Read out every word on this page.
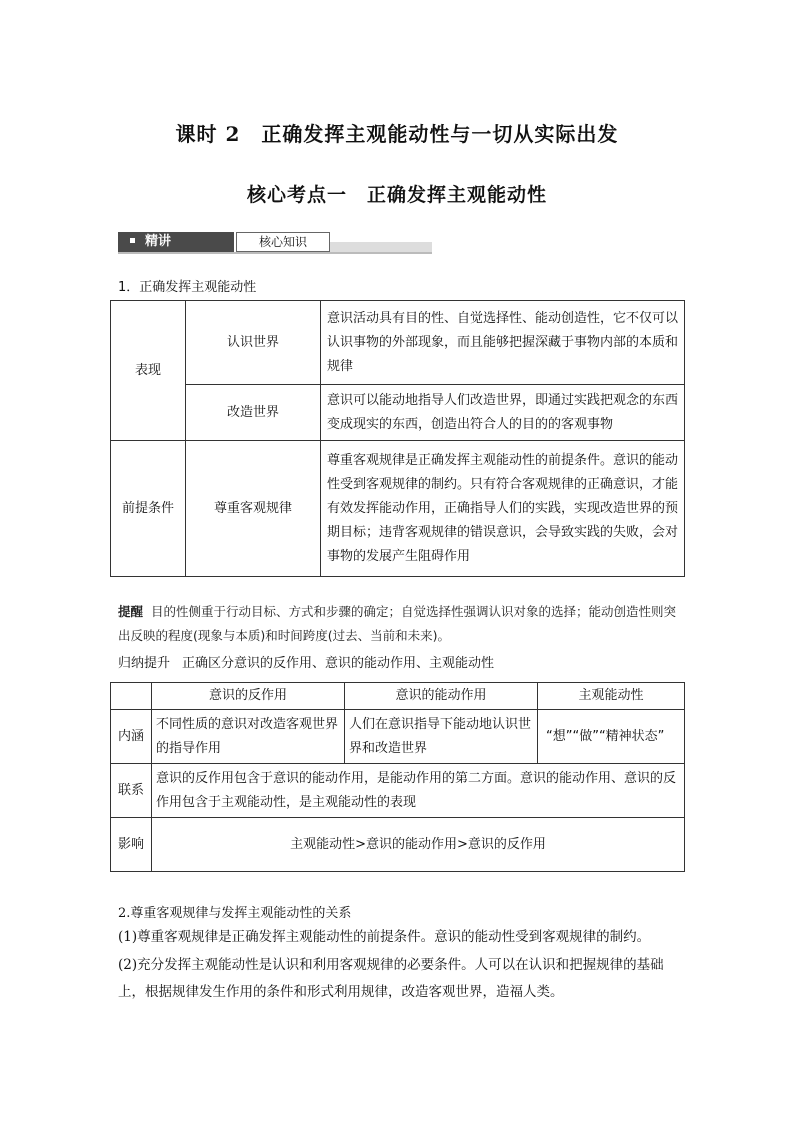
课时 2　正确发挥主观能动性与一切从实际出发
核心考点一　正确发挥主观能动性
精讲	核心知识
1．正确发挥主观能动性
表现	认识世界	意识活动具有目的性、自觉选择性、能动创造性，它不仅可以认识事物的外部现象，而且能够把握深藏于事物内部的本质和规律
	改造世界	意识可以能动地指导人们改造世界，即通过实践把观念的东西变成现实的东西，创造出符合人的目的的客观事物
前提条件	尊重客观规律	尊重客观规律是正确发挥主观能动性的前提条件。意识的能动性受到客观规律的制约。只有符合客观规律的正确意识，才能有效发挥能动作用，正确指导人们的实践，实现改造世界的预期目标；违背客观规律的错误意识，会导致实践的失败，会对事物的发展产生阻碍作用
提醒 目的性侧重于行动目标、方式和步骤的确定；自觉选择性强调认识对象的选择；能动创造性则突出反映的程度(现象与本质)和时间跨度(过去、当前和未来)。
归纳提升 正确区分意识的反作用、意识的能动作用、主观能动性
	意识的反作用	意识的能动作用	主观能动性
内涵	不同性质的意识对改造客观世界的指导作用	人们在意识指导下能动地认识世界和改造世界	“想”“做”“精神状态”
联系	意识的反作用包含于意识的能动作用，是能动作用的第二方面。意识的能动作用、意识的反作用包含于主观能动性，是主观能动性的表现		
影响	主观能动性>意识的能动作用>意识的反作用		
2.尊重客观规律与发挥主观能动性的关系
(1)尊重客观规律是正确发挥主观能动性的前提条件。意识的能动性受到客观规律的制约。
(2)充分发挥主观能动性是认识和利用客观规律的必要条件。人可以在认识和把握规律的基础上，根据规律发生作用的条件和形式利用规律，改造客观世界，造福人类。
